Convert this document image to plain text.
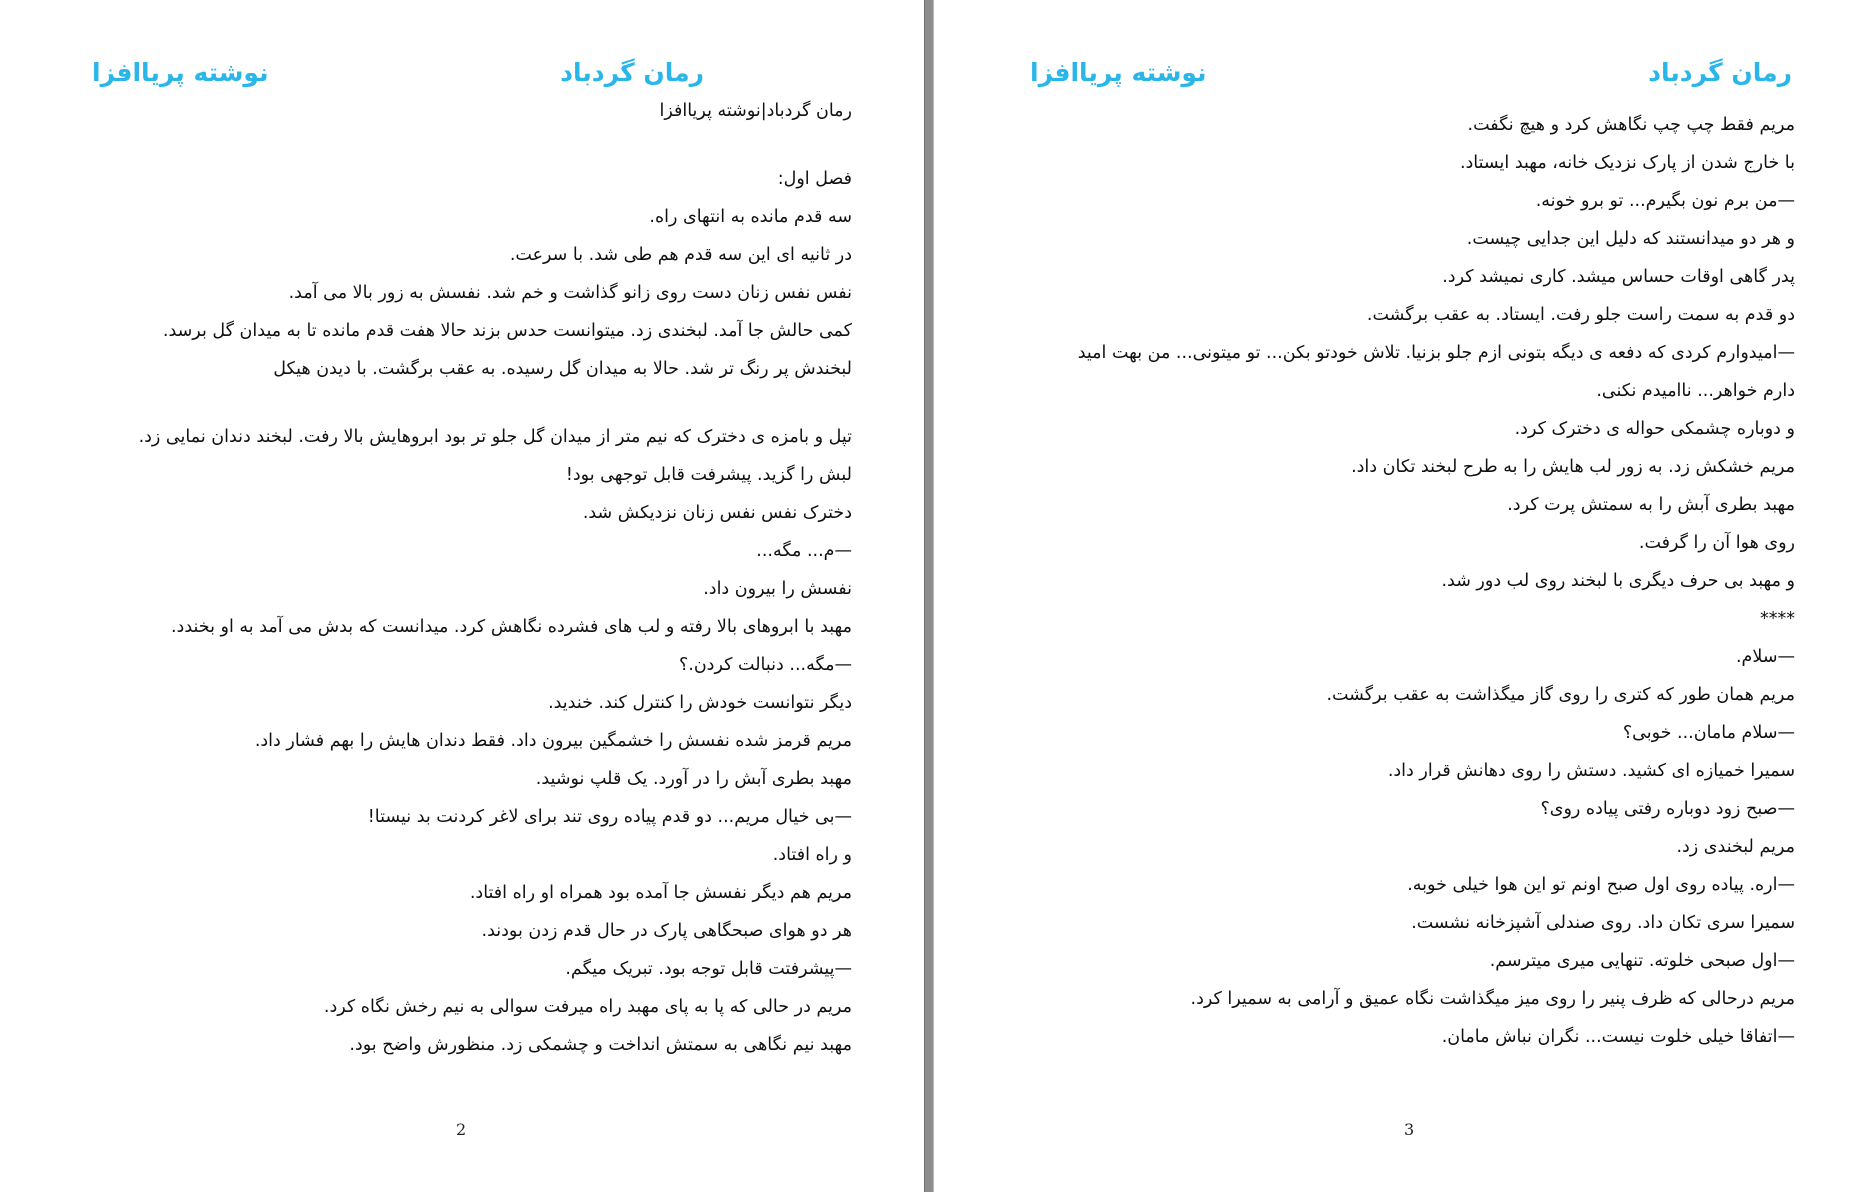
رمان گردباد
نوشته پریاافزا
رمان گردباد|نوشته پریاافزا
فصل اول:
سه قدم مانده به انتهای راه.
در ثانیه ای این سه قدم هم طی شد. با سرعت.
نفس نفس زنان دست روی زانو گذاشت و خم شد. نفسش به زور بالا می آمد.
کمی حالش جا آمد. لبخندی زد. میتوانست حدس بزند حالا هفت قدم مانده تا به میدان گل برسد.
لبخندش پر رنگ تر شد. حالا به میدان گل رسیده. به عقب برگشت. با دیدن هیکل
تپل و بامزه ی دخترک که نیم متر از میدان گل جلو تر بود ابروهایش بالا رفت. لبخند دندان نمایی زد.
لبش را گزید. پیشرفت قابل توجهی بود!
دخترک نفس نفس زنان نزدیکش شد.
—م... مگه...
نفسش را بیرون داد.
مهبد با ابروهای بالا رفته و لب های فشرده نگاهش کرد. میدانست که بدش می آمد به او بخندد.
—مگه... دنبالت کردن.؟
دیگر نتوانست خودش را کنترل کند. خندید.
مریم قرمز شده نفسش را خشمگین بیرون داد. فقط دندان هایش را بهم فشار داد.
مهبد بطری آبش را در آورد. یک قلپ نوشید.
—بی خیال مریم... دو قدم پیاده روی تند برای لاغر کردنت بد نیستا!
و راه افتاد.
مریم هم دیگر نفسش جا آمده بود همراه او راه افتاد.
هر دو هوای صبحگاهی پارک در حال قدم زدن بودند.
—پیشرفتت قابل توجه بود. تبریک میگم.
مریم در حالی که پا به پای مهبد راه میرفت سوالی به نیم رخش نگاه کرد.
مهبد نیم نگاهی به سمتش انداخت و چشمکی زد. منظورش واضح بود.
2
رمان گردباد
نوشته پریاافزا
مریم فقط چپ چپ نگاهش کرد و هیچ نگفت.
با خارج شدن از پارک نزدیک خانه، مهبد ایستاد.
—من برم نون بگیرم... تو برو خونه.
و هر دو میدانستند که دلیل این جدایی چیست.
پدر گاهی اوقات حساس میشد. کاری نمیشد کرد.
دو قدم به سمت راست جلو رفت. ایستاد. به عقب برگشت.
—امیدوارم کردی که دفعه ی دیگه بتونی ازم جلو بزنیا. تلاش خودتو بکن... تو میتونی... من بهت امید
دارم خواهر... ناامیدم نکنی.
و دوباره چشمکی حواله ی دخترک کرد.
مریم خشکش زد. به زور لب هایش را به طرح لبخند تکان داد.
مهبد بطری آبش را به سمتش پرت کرد.
روی هوا آن را گرفت.
و مهبد بی حرف دیگری با لبخند روی لب دور شد.
****
—سلام.
مریم همان طور که کتری را روی گاز میگذاشت به عقب برگشت.
—سلام مامان... خوبی؟
سمیرا خمیازه ای کشید. دستش را روی دهانش قرار داد.
—صبح زود دوباره رفتی پیاده روی؟
مریم لبخندی زد.
—اره. پیاده روی اول صبح اونم تو این هوا خیلی خوبه.
سمیرا سری تکان داد. روی صندلی آشپزخانه نشست.
—اول صبحی خلوته. تنهایی میری میترسم.
مریم درحالی که ظرف پنیر را روی میز میگذاشت نگاه عمیق و آرامی به سمیرا کرد.
—اتفاقا خیلی خلوت نیست... نگران نباش مامان.
3
